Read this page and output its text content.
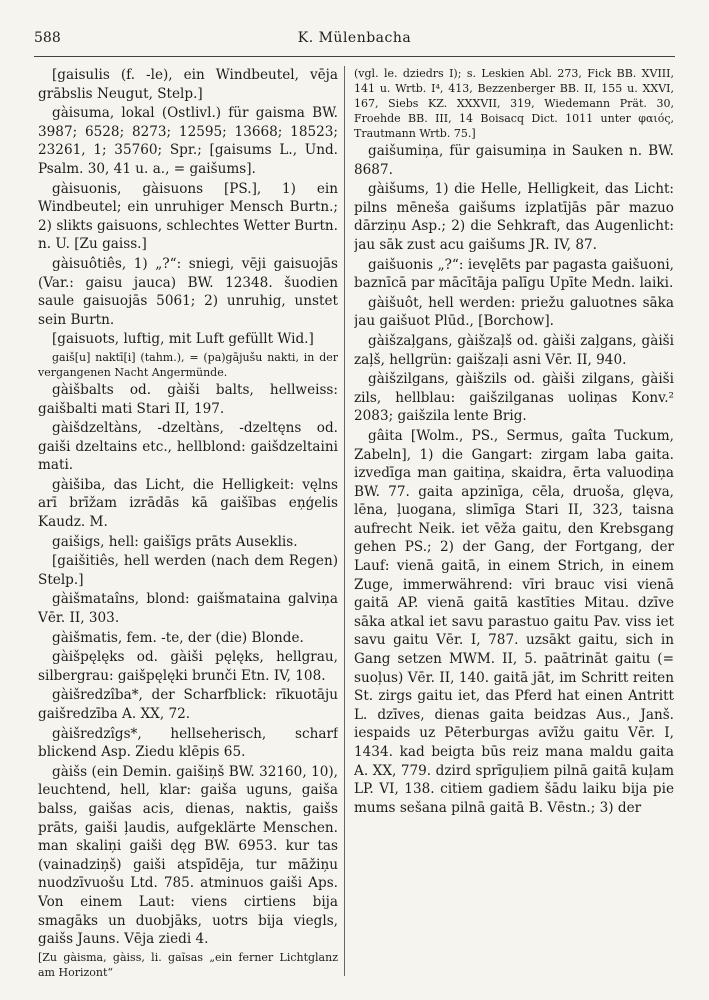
588	K. Mülenbacha

[gaisulis (f. -le), ein Windbeutel, vēja grābslis Neugut, Stelp.]

gàisuma, lokal (Ostlivl.) für gaisma BW. 3987; 6528; 8273; 12595; 13668; 18523; 23261, 1; 35760; Spr.; [gaisums L., Und. Psalm. 30, 41 u. a., = gaišums].

gàisuonis, gàisuons [PS.], 1) ein Windbeutel; ein unruhiger Mensch Burtn.; 2) slikts gaisuons, schlechtes Wetter Burtn. n. U. [Zu gaiss.]

gàisuôtiês, 1) „?“: sniegi, vēji gaisuojās (Var.: gaisu jauca) BW. 12348. šuodien saule gaisuojās 5061; 2) unruhig, unstet sein Burtn.

[gaisuots, luftig, mit Luft gefüllt Wid.]

gaiš[u] naktī[i] (tahm.), = (pa)gājušu nakti, in der vergangenen Nacht Angermünde.

gàišbalts od. gàiši balts, hellweiss: gaišbalti mati Stari II, 197.

gàišdzeltàns, -dzeltàns, -dzeltęns od. gaiši dzeltains etc., hellblond: gaišdzeltaini mati.

gàišiba, das Licht, die Helligkeit: vęlns arī brīžam izrādās kā gaišības eņģelis Kaudz. M.

gaišigs, hell: gaišīgs prāts Auseklis.

[gaišitiês, hell werden (nach dem Regen) Stelp.]

gàišmataîns, blond: gaišmataina galviņa Vēr. II, 303.

gàišmatis, fem. -te, der (die) Blonde.

gàišpęlęks od. gàiši pęlęks, hellgrau, silbergrau: gaišpęlęki brunči Etn. IV, 108.

gàišredzîba*, der Scharfblick: rīkuotāju gaišredzība A. XX, 72.

gàišredzîgs*, hellseherisch, scharf blickend Asp. Ziedu klēpis 65.

gàišs (ein Demin. gaišiņš BW. 32160, 10), leuchtend, hell, klar: gaiša uguns, gaiša balss, gaišas acis, dienas, naktis, gaišs prāts, gaiši ļaudis, aufgeklärte Menschen. man skaliņi gaiši dęg BW. 6953. kur tas (vainadziņš) gaiši atspīdēja, tur māžiņu nuodzīvuošu Ltd. 785. atminuos gaiši Aps. Von einem Laut: viens cirtiens bija smagāks un duobjāks, uotrs bija viegls, gaišs Jauns. Vēja ziedi 4.

[Zu gàisma, gàiss, li. gaĩsas „ein ferner Lichtglanz am Horizont“

(vgl. le. dziedrs I); s. Leskien Abl. 273, Fick BB. XVIII, 141 u. Wrtb. I⁴, 413, Bezzenberger BB. II, 155 u. XXVI, 167, Siebs KZ. XXXVII, 319, Wiedemann Prät. 30, Froehde BB. III, 14 Boisacq Dict. 1011 unter φαιός, Trautmann Wrtb. 75.]

gaišumiņa, für gaisumiņa in Sauken n. BW. 8687.

gàišums, 1) die Helle, Helligkeit, das Licht: pilns mēneša gaišums izplatījās pār mazuo dārziņu Asp.; 2) die Sehkraft, das Augenlicht: jau sāk zust acu gaišums JR. IV, 87.

gaišuonis „?“: ievęlēts par pagasta gaišuoni, baznīcā par mācītāja palīgu Upīte Medn. laiki.

gàišuôt, hell werden: priežu galuotnes sāka jau gaišuot Plūd., [Borchow].

gàišzaļgans, gàišzaļš od. gàiši zaļgans, gàiši zaļš, hellgrün: gaišzaļi asni Vēr. II, 940.

gàišzilgans, gàišzils od. gàiši zilgans, gàiši zils, hellblau: gaišzilganas uoliņas Konv.² 2083; gaišzila lente Brig.

gâita [Wolm., PS., Sermus, gaîta Tuckum, Zabeln], 1) die Gangart: zirgam laba gaita. izvedīga man gaitiņa, skaidra, ērta valuodiņa BW. 77. gaita apzinīga, cēla, druoša, glęva, lēna, ļuogana, slimīga Stari II, 323, taisna aufrecht Neik. iet vēža gaitu, den Krebsgang gehen PS.; 2) der Gang, der Fortgang, der Lauf: vienā gaitā, in einem Strich, in einem Zuge, immerwährend: vīri brauc visi vienā gaitā AP. vienā gaitā kastīties Mitau. dzīve sāka atkal iet savu parastuo gaitu Pav. viss iet savu gaitu Vēr. I, 787. uzsākt gaitu, sich in Gang setzen MWM. II, 5. paātrināt gaitu (= suoļus) Vēr. II, 140. gaitā jāt, im Schritt reiten St. zirgs gaitu iet, das Pferd hat einen Antritt L. dzīves, dienas gaita beidzas Aus., Janš. iespaids uz Pēterburgas avīžu gaitu Vēr. I, 1434. kad beigta būs reiz mana maldu gaita A. XX, 779. dzird sprīguļiem pilnā gaitā kuļam LP. VI, 138. citiem gadiem šādu laiku bija pie mums sešana pilnā gaitā B. Vēstn.; 3) der
